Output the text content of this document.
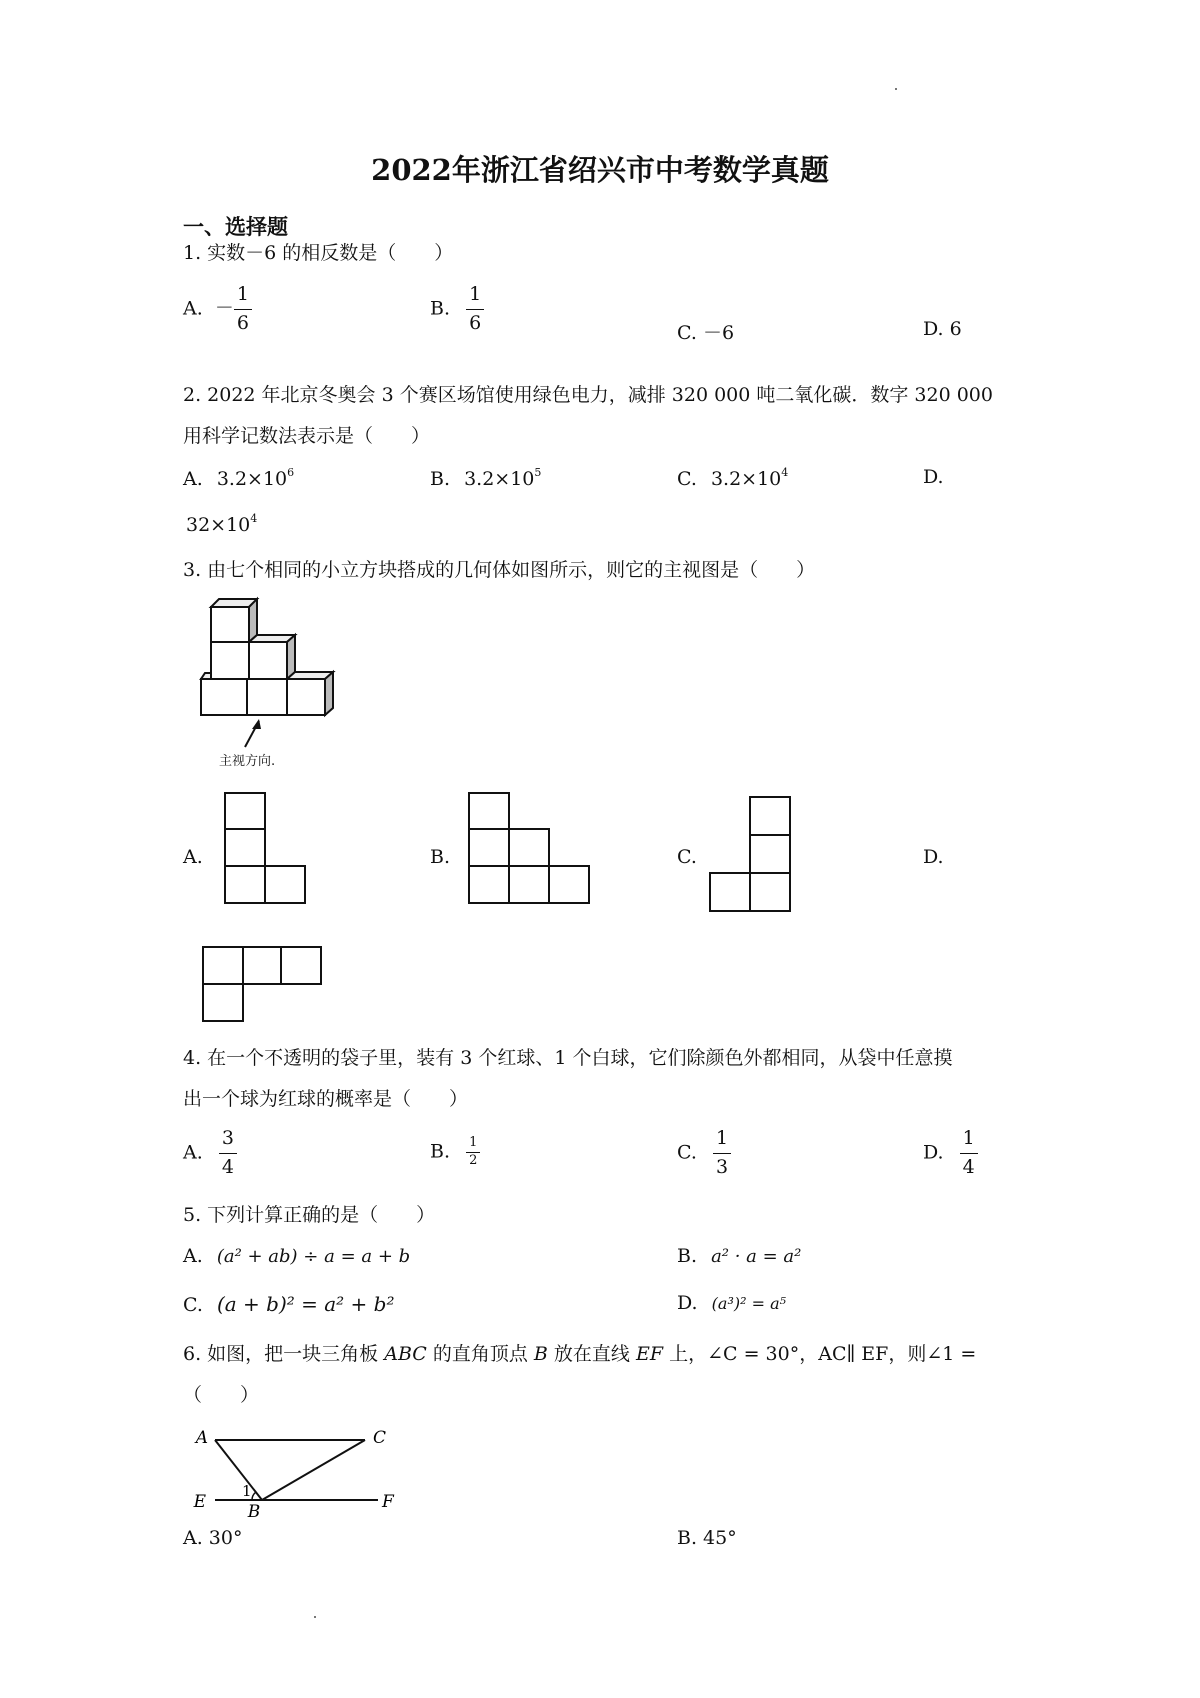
2022年浙江省绍兴市中考数学真题
一、选择题
1. 实数－6 的相反数是（　　）
A. － $\frac{1}{6}$	B. $\frac{1}{6}$	C. －6	D. 6
2. 2022 年北京冬奥会 3 个赛区场馆使用绿色电力，减排 320 000 吨二氧化碳．数字 320 000
用科学记数法表示是（　　）
A. $3.2\times 10^6$	B. $3.2\times 10^5$	C. $3.2\times 10^4$	D.
$32\times 10^4$
3. 由七个相同的小立方块搭成的几何体如图所示，则它的主视图是（　　）
主视方向.
A.	B.	C.	D.
4. 在一个不透明的袋子里，装有 3 个红球、1 个白球，它们除颜色外都相同，从袋中任意摸
出一个球为红球的概率是（　　）
A. $\frac{3}{4}$	B. $\frac{1}{2}$	C. $\frac{1}{3}$	D. $\frac{1}{4}$
5. 下列计算正确的是（　　）
A. (a² + ab) ÷ a = a + b	B. a² · a = a²
C. (a + b)² = a² + b²	D. (a³)² = a⁵
6. 如图，把一块三角板 ABC 的直角顶点 B 放在直线 EF 上，∠C = 30°，AC∥ EF，则∠1 =
（　　）
A	C
E	F
B
1
A. 30°	B. 45°
